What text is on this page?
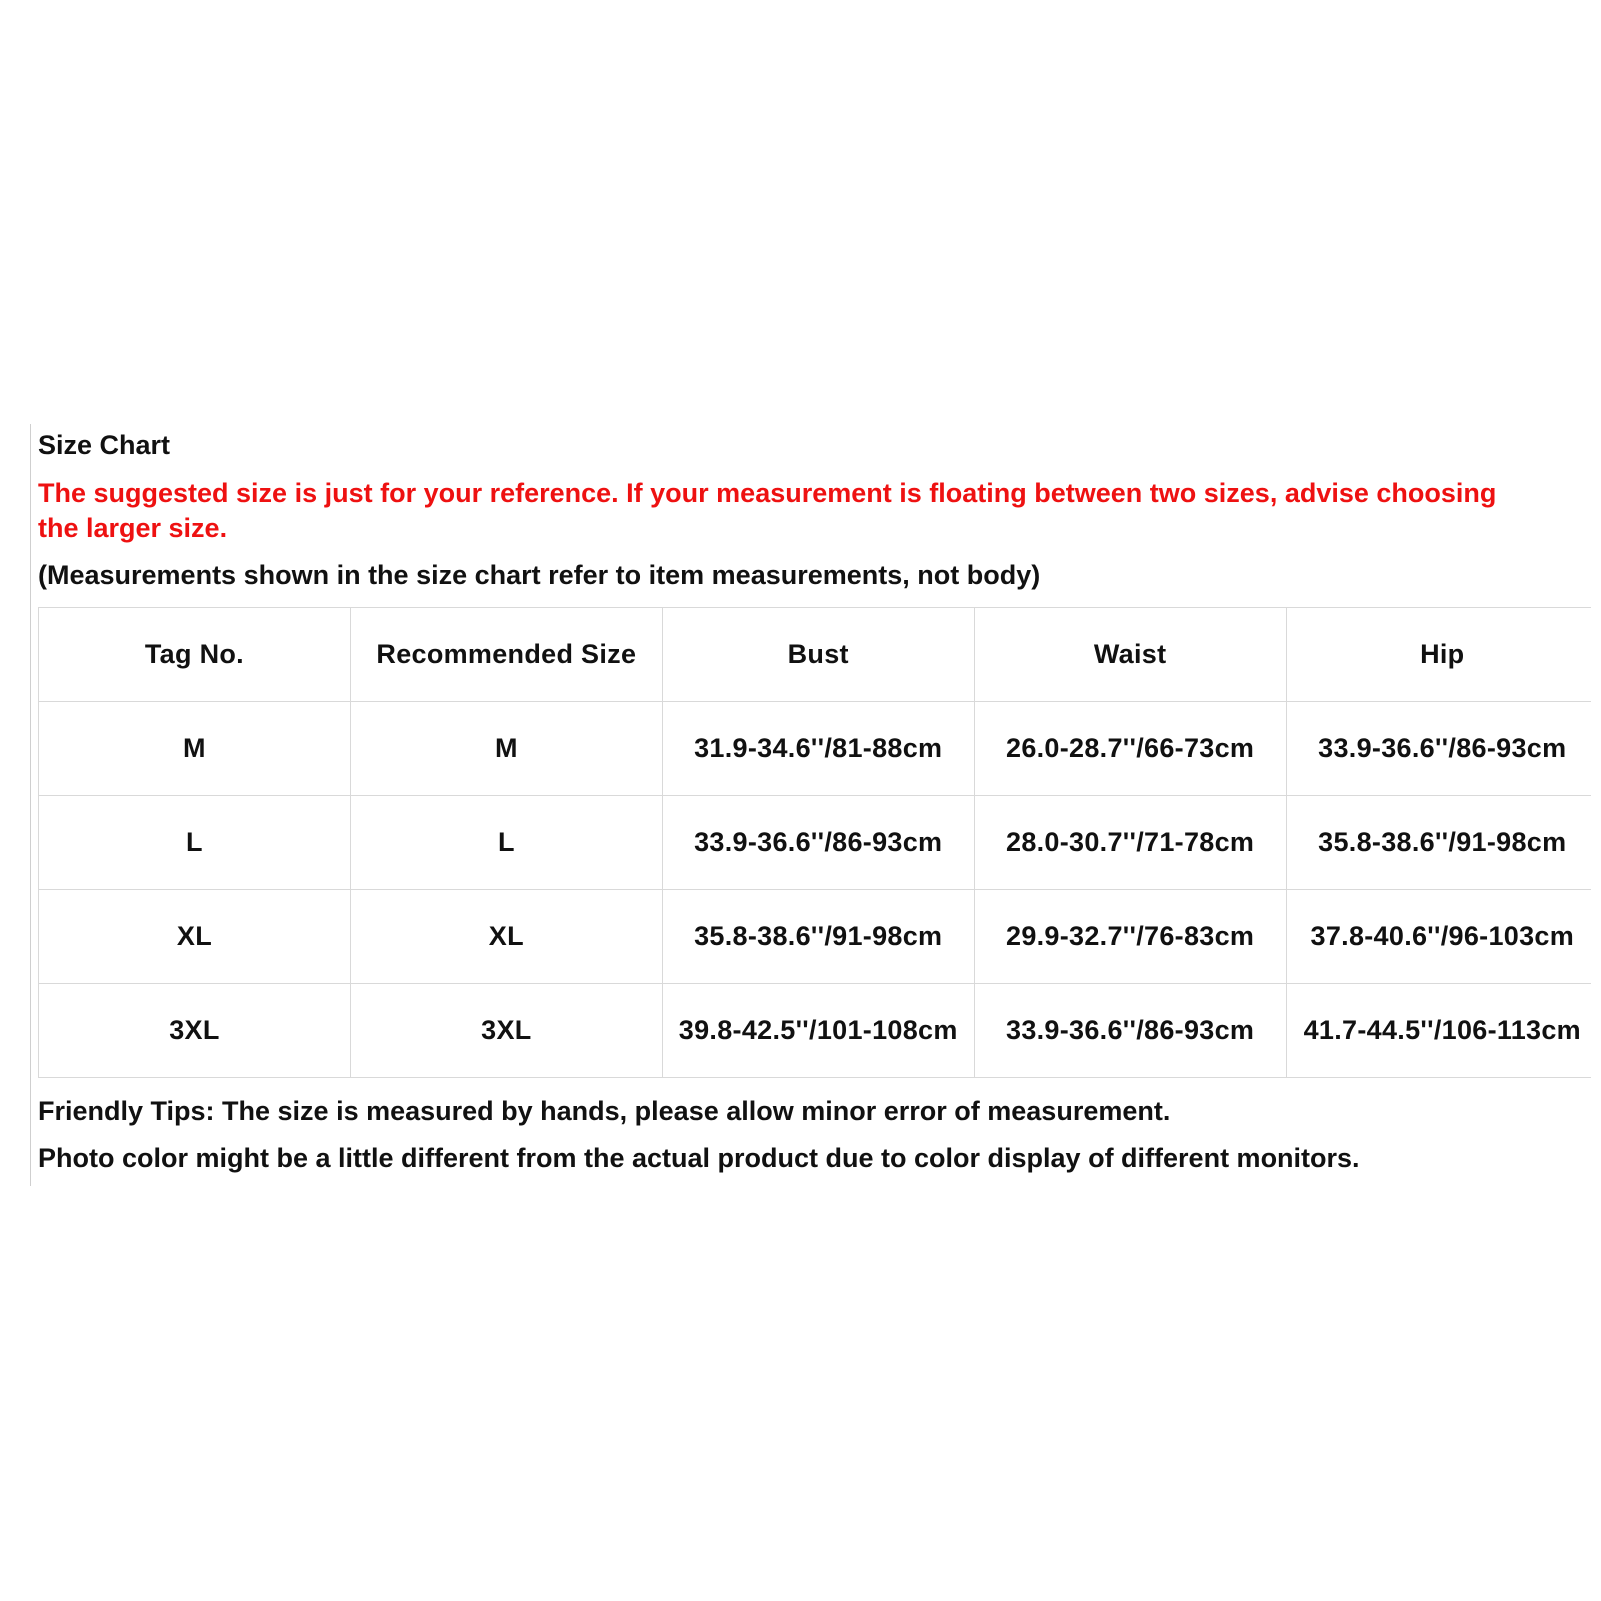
Size Chart
The suggested size is just for your reference. If your measurement is floating between two sizes, advise choosing the larger size.
(Measurements shown in the size chart refer to item measurements, not body)
Tag No.	Recommended Size	Bust	Waist	Hip
M	M	31.9-34.6''/81-88cm	26.0-28.7''/66-73cm	33.9-36.6''/86-93cm
L	L	33.9-36.6''/86-93cm	28.0-30.7''/71-78cm	35.8-38.6''/91-98cm
XL	XL	35.8-38.6''/91-98cm	29.9-32.7''/76-83cm	37.8-40.6''/96-103cm
3XL	3XL	39.8-42.5''/101-108cm	33.9-36.6''/86-93cm	41.7-44.5''/106-113cm
Friendly Tips: The size is measured by hands, please allow minor error of measurement.
Photo color might be a little different from the actual product due to color display of different monitors.
